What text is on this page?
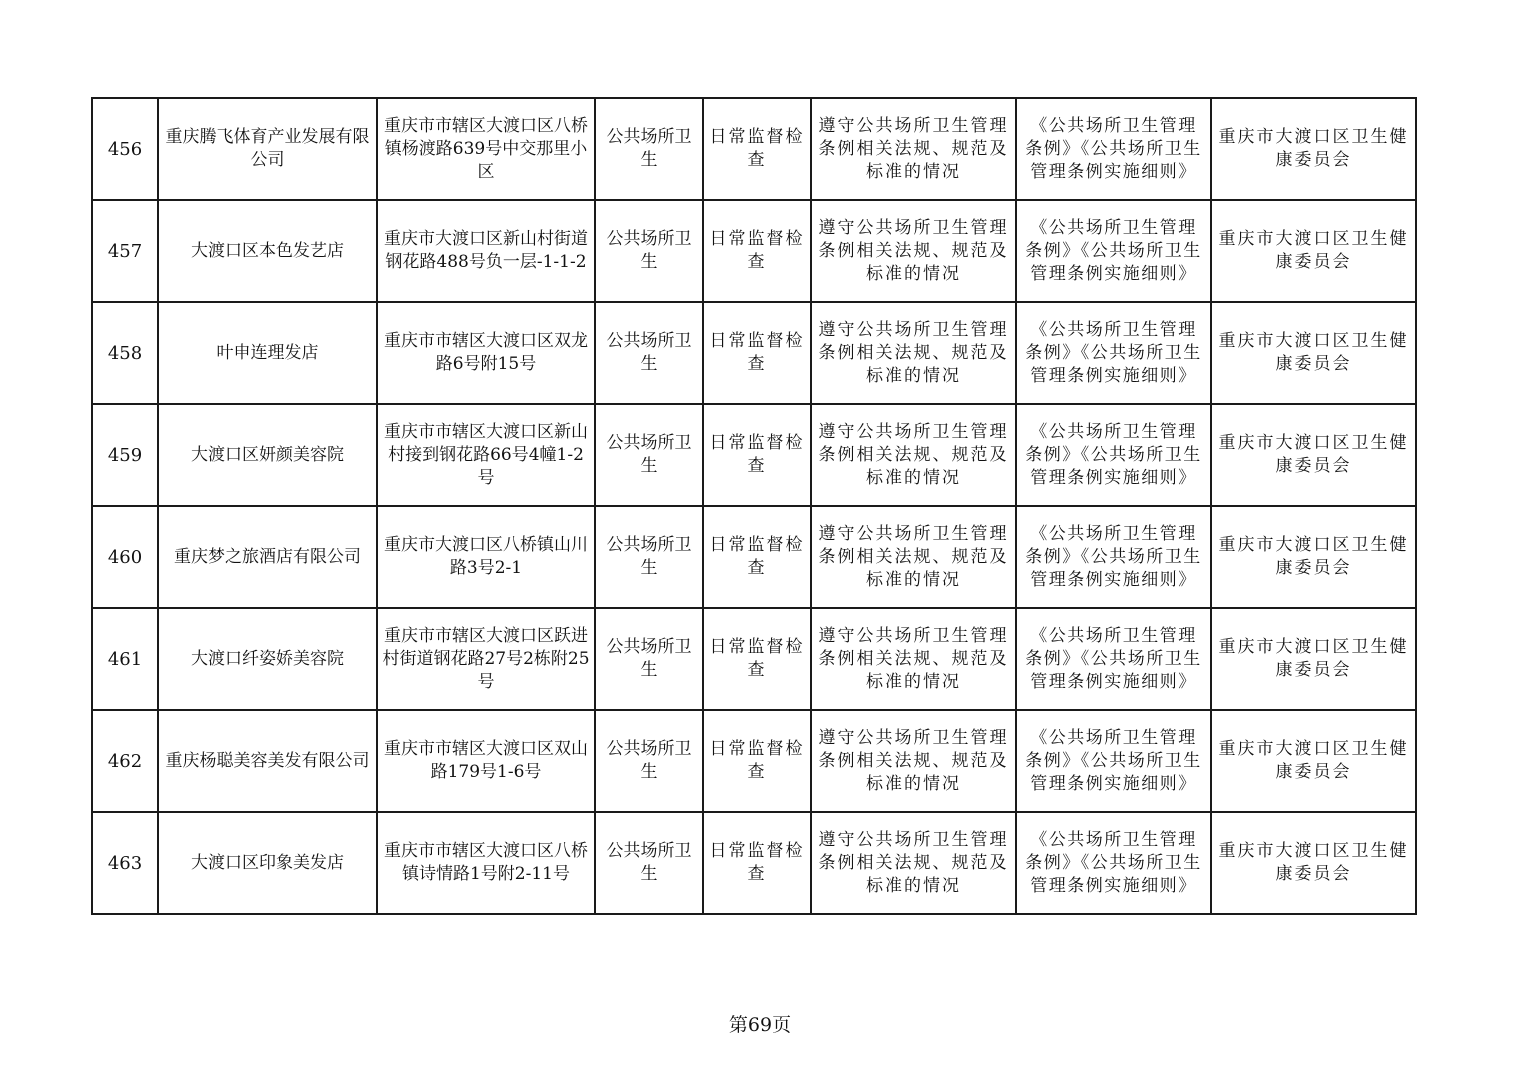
456	重庆腾飞体育产业发展有限公司	重庆市市辖区大渡口区八桥镇杨渡路639号中交那里小区	公共场所卫生	日常监督检查	遵守公共场所卫生管理条例相关法规、规范及标准的情况	《公共场所卫生管理条例》《公共场所卫生管理条例实施细则》	重庆市大渡口区卫生健康委员会
457	大渡口区本色发艺店	重庆市大渡口区新山村街道钢花路488号负一层-1-1-2	公共场所卫生	日常监督检查	遵守公共场所卫生管理条例相关法规、规范及标准的情况	《公共场所卫生管理条例》《公共场所卫生管理条例实施细则》	重庆市大渡口区卫生健康委员会
458	叶申连理发店	重庆市市辖区大渡口区双龙路6号附15号	公共场所卫生	日常监督检查	遵守公共场所卫生管理条例相关法规、规范及标准的情况	《公共场所卫生管理条例》《公共场所卫生管理条例实施细则》	重庆市大渡口区卫生健康委员会
459	大渡口区妍颜美容院	重庆市市辖区大渡口区新山村接到钢花路66号4幢1-2号	公共场所卫生	日常监督检查	遵守公共场所卫生管理条例相关法规、规范及标准的情况	《公共场所卫生管理条例》《公共场所卫生管理条例实施细则》	重庆市大渡口区卫生健康委员会
460	重庆梦之旅酒店有限公司	重庆市大渡口区八桥镇山川路3号2-1	公共场所卫生	日常监督检查	遵守公共场所卫生管理条例相关法规、规范及标准的情况	《公共场所卫生管理条例》《公共场所卫生管理条例实施细则》	重庆市大渡口区卫生健康委员会
461	大渡口纤姿娇美容院	重庆市市辖区大渡口区跃进村街道钢花路27号2栋附25号	公共场所卫生	日常监督检查	遵守公共场所卫生管理条例相关法规、规范及标准的情况	《公共场所卫生管理条例》《公共场所卫生管理条例实施细则》	重庆市大渡口区卫生健康委员会
462	重庆杨聪美容美发有限公司	重庆市市辖区大渡口区双山路179号1-6号	公共场所卫生	日常监督检查	遵守公共场所卫生管理条例相关法规、规范及标准的情况	《公共场所卫生管理条例》《公共场所卫生管理条例实施细则》	重庆市大渡口区卫生健康委员会
463	大渡口区印象美发店	重庆市市辖区大渡口区八桥镇诗情路1号附2-11号	公共场所卫生	日常监督检查	遵守公共场所卫生管理条例相关法规、规范及标准的情况	《公共场所卫生管理条例》《公共场所卫生管理条例实施细则》	重庆市大渡口区卫生健康委员会
第69页
